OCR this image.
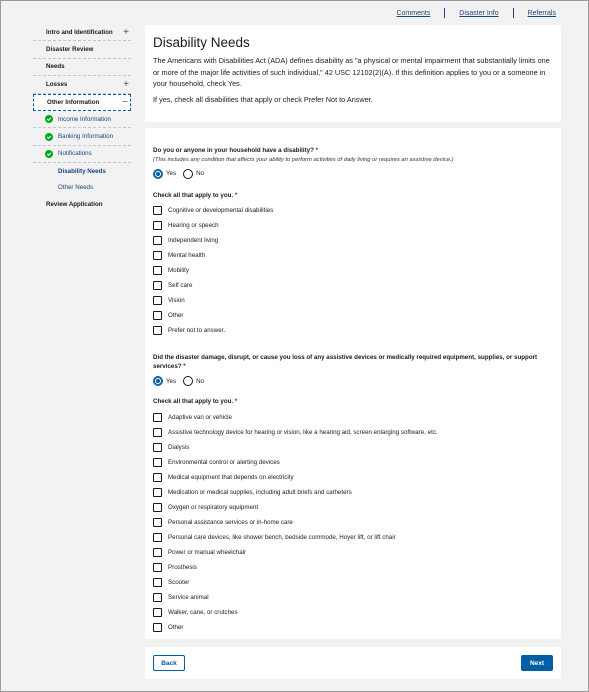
Comments	Disaster Info	Referrals
Intro and Identification +
Disaster Review
Needs
Losses	+
Other Information −
Income Information
Banking Information
Notifications
Disability Needs
Other Needs
Review Application
Disability Needs

The Americans with Disabilities Act (ADA) defines disability as "a physical or mental impairment that substantially limits one or more of the major life activities of such individual," 42 USC 12102(2)(A). If this definition applies to you or a someone in your household, check Yes.

If yes, check all disabilities that apply or check Prefer Not to Answer.

Do you or anyone in your household have a disability? *
(This includes any condition that affects your ability to perform activities of daily living or requires an assistive device.)
Yes	No
Check all that apply to you. *
Cognitive or developmental disabilities
Hearing or speech
Independent living
Mental health
Mobility
Self care
Vision
Other
Prefer not to answer.
Did the disaster damage, disrupt, or cause you loss of any assistive devices or medically required equipment, supplies, or support services? *
Yes	No
Check all that apply to you. *
Adaptive van or vehicle
Assistive technology device for hearing or vision, like a hearing aid, screen enlarging software, etc.
Dialysis
Environmental control or alerting devices
Medical equipment that depends on electricity
Medication or medical supplies, including adult briefs and catheters
Oxygen or respiratory equipment
Personal assistance services or in-home care
Personal care devices, like shower bench, bedside commode, Hoyer lift, or lift chair
Power or manual wheelchair
Prosthesis
Scooter
Service animal
Walker, cane, or crutches
Other
Back	Next
